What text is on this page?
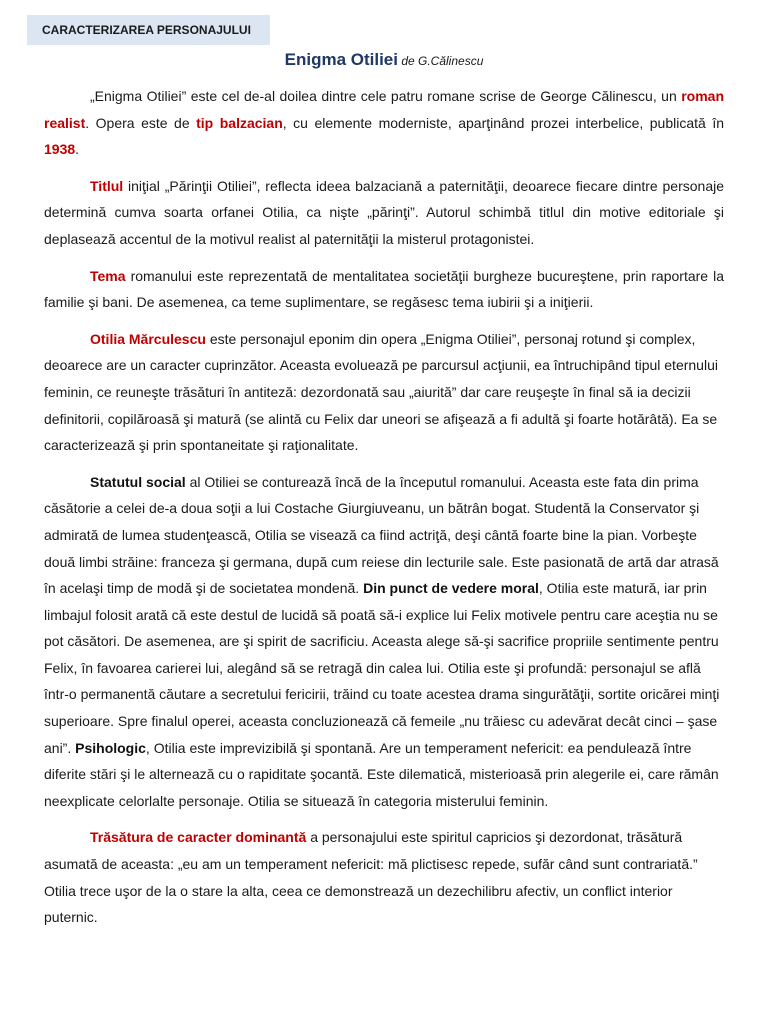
CARACTERIZAREA PERSONAJULUI
Enigma Otiliei de G.Călinescu

„Enigma Otiliei” este cel de-al doilea dintre cele patru romane scrise de George Călinescu, un roman realist. Opera este de tip balzacian, cu elemente moderniste, aparţinând prozei interbelice, publicată în 1938.

Titlul iniţial „Părinţii Otiliei”, reflecta ideea balzaciană a paternităţii, deoarece fiecare dintre personaje determină cumva soarta orfanei Otilia, ca nişte „părinţi”. Autorul schimbă titlul din motive editoriale şi deplasează accentul de la motivul realist al paternităţii la misterul protagonistei.

Tema romanului este reprezentată de mentalitatea societăţii burgheze bucureştene, prin raportare la familie şi bani. De asemenea, ca teme suplimentare, se regăsesc tema iubirii şi a iniţierii.

Otilia Mărculescu este personajul eponim din opera „Enigma Otiliei”, personaj rotund şi complex, deoarece are un caracter cuprinzător. Aceasta evoluează pe parcursul acţiunii, ea întruchipând tipul eternului feminin, ce reuneşte trăsături în antiteză: dezordonată sau „aiurită” dar care reuşeşte în final să ia decizii definitorii, copilăroasă şi matură (se alintă cu Felix dar uneori se afişează a fi adultă şi foarte hotărâtă). Ea se caracterizează şi prin spontaneitate şi raţionalitate.

Statutul social al Otiliei se conturează încă de la începutul romanului. Aceasta este fata din prima căsătorie a celei de-a doua soţii a lui Costache Giurgiuveanu, un bătrân bogat. Studentă la Conservator şi admirată de lumea studenţească, Otilia se visează ca fiind actriţă, deşi cântă foarte bine la pian. Vorbeşte două limbi străine: franceza şi germana, după cum reiese din lecturile sale. Este pasionată de artă dar atrasă în acelaşi timp de modă şi de societatea mondenă. Din punct de vedere moral, Otilia este matură, iar prin limbajul folosit arată că este destul de lucidă să poată să-i explice lui Felix motivele pentru care aceştia nu se pot căsători. De asemenea, are şi spirit de sacrificiu. Aceasta alege să-şi sacrifice propriile sentimente pentru Felix, în favoarea carierei lui, alegând să se retragă din calea lui. Otilia este şi profundă: personajul se află într-o permanentă căutare a secretului fericirii, trăind cu toate acestea drama singurătăţii, sortite oricărei minţi superioare. Spre finalul operei, aceasta concluzionează că femeile „nu trăiesc cu adevărat decât cinci – şase ani”. Psihologic, Otilia este imprevizibilă şi spontană. Are un temperament nefericit: ea pendulează între diferite stări şi le alternează cu o rapiditate şocantă. Este dilematică, misterioasă prin alegerile ei, care rămân neexplicate celorlalte personaje. Otilia se situează în categoria misterului feminin.

Trăsătura de caracter dominantă a personajului este spiritul capricios şi dezordonat, trăsătură asumată de aceasta: „eu am un temperament nefericit: mă plictisesc repede, sufăr când sunt contrariată.” Otilia trece uşor de la o stare la alta, ceea ce demonstrează un dezechilibru afectiv, un conflict interior puternic.
